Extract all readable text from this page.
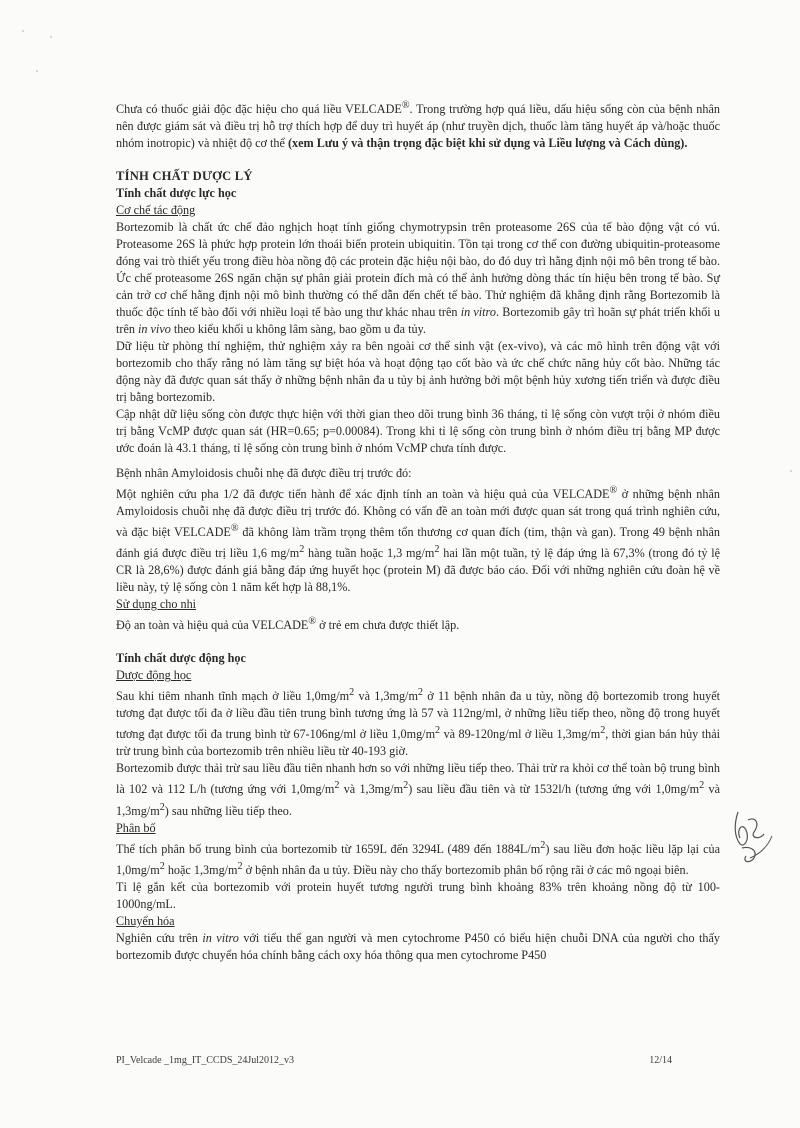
Chưa có thuốc giải độc đặc hiệu cho quá liều VELCADE®. Trong trường hợp quá liều, dấu hiệu sống còn của bệnh nhân nên được giám sát và điều trị hỗ trợ thích hợp để duy trì huyết áp (như truyền dịch, thuốc làm tăng huyết áp và/hoặc thuốc nhóm inotropic) và nhiệt độ cơ thể (xem Lưu ý và thận trọng đặc biệt khi sử dụng và Liều lượng và Cách dùng).

TÍNH CHẤT DƯỢC LÝ

Tính chất dược lực học

Cơ chế tác động

Bortezomib là chất ức chế đảo nghịch hoạt tính giống chymotrypsin trên proteasome 26S của tế bào động vật có vú. Proteasome 26S là phức hợp protein lớn thoái biến protein ubiquitin. Tồn tại trong cơ thể con đường ubiquitin-proteasome đóng vai trò thiết yếu trong điều hòa nồng độ các protein đặc hiệu nội bào, do đó duy trì hằng định nội mô bên trong tế bào. Ức chế proteasome 26S ngăn chặn sự phân giải protein đích mà có thể ảnh hưởng dòng thác tín hiệu bên trong tế bào. Sự cản trở cơ chế hằng định nội mô bình thường có thể dẫn đến chết tế bào. Thử nghiệm đã khẳng định rằng Bortezomib là thuốc độc tính tế bào đối với nhiều loại tế bào ung thư khác nhau trên in vitro. Bortezomib gây trì hoãn sự phát triển khối u trên in vivo theo kiểu khối u không lâm sàng, bao gồm u đa tủy.

Dữ liệu từ phòng thí nghiệm, thử nghiệm xảy ra bên ngoài cơ thể sinh vật (ex-vivo), và các mô hình trên động vật với bortezomib cho thấy rằng nó làm tăng sự biệt hóa và hoạt động tạo cốt bào và ức chế chức năng hủy cốt bào. Những tác động này đã được quan sát thấy ở những bệnh nhân đa u tủy bị ảnh hưởng bởi một bệnh hủy xương tiến triển và được điều trị bằng bortezomib.

Cập nhật dữ liệu sống còn được thực hiện với thời gian theo dõi trung bình 36 tháng, tỉ lệ sống còn vượt trội ở nhóm điều trị bằng VcMP được quan sát (HR=0.65; p=0.00084). Trong khi tỉ lệ sống còn trung bình ở nhóm điều trị bằng MP được ước đoán là 43.1 tháng, tỉ lệ sống còn trung bình ở nhóm VcMP chưa tính được.

Bệnh nhân Amyloidosis chuỗi nhẹ đã được điều trị trước đó:

Một nghiên cứu pha 1/2 đã được tiến hành để xác định tính an toàn và hiệu quả của VELCADE® ở những bệnh nhân Amyloidosis chuỗi nhẹ đã được điều trị trước đó. Không có vấn đề an toàn mới được quan sát trong quá trình nghiên cứu, và đặc biệt VELCADE® đã không làm trầm trọng thêm tổn thương cơ quan đích (tim, thận và gan). Trong 49 bệnh nhân đánh giá được điều trị liều 1,6 $mg/m^2$ hàng tuần hoặc 1,3 $mg/m^2$ hai lần một tuần, tỷ lệ đáp ứng là 67,3% (trong đó tỷ lệ CR là 28,6%) được đánh giá bằng đáp ứng huyết học (protein M) đã được báo cáo. Đối với những nghiên cứu đoàn hệ về liều này, tỷ lệ sống còn 1 năm kết hợp là 88,1%.

Sử dụng cho nhi

Độ an toàn và hiệu quả của VELCADE® ở trẻ em chưa được thiết lập.

Tính chất dược động học

Dược động học

Sau khi tiêm nhanh tĩnh mạch ở liều $1,0mg/m^2$ và $1,3mg/m^2$ ở 11 bệnh nhân đa u tủy, nồng độ bortezomib trong huyết tương đạt được tối đa ở liều đầu tiên trung bình tương ứng là 57 và 112ng/ml, ở những liều tiếp theo, nồng độ trong huyết tương đạt được tối đa trung bình từ 67-106ng/ml ở liều $1,0mg/m^2$ và 89-120ng/ml ở liều $1,3mg/m^2$, thời gian bán hủy thải trừ trung bình của bortezomib trên nhiều liều từ 40-193 giờ.

Bortezomib được thải trừ sau liều đầu tiên nhanh hơn so với những liều tiếp theo. Thải trừ ra khỏi cơ thể toàn bộ trung bình là 102 và 112 L/h (tương ứng với $1,0mg/m^2$ và $1,3mg/m^2$) sau liều đầu tiên và từ 1532l/h (tương ứng với $1,0mg/m^2$ và $1,3mg/m^2$) sau những liều tiếp theo.

Phân bố

Thể tích phân bố trung bình của bortezomib từ 1659L đến 3294L (489 đến $1884L/m^2$) sau liều đơn hoặc liều lặp lại của $1,0mg/m^2$ hoặc $1,3mg/m^2$ ở bệnh nhân đa u tủy. Điều này cho thấy bortezomib phân bố rộng rãi ở các mô ngoại biên.

Tỉ lệ gắn kết của bortezomib với protein huyết tương người trung bình khoảng 83% trên khoảng nồng độ từ 100-1000ng/mL.

Chuyển hóa

Nghiên cứu trên in vitro với tiểu thể gan người và men cytochrome P450 có biểu hiện chuỗi DNA của người cho thấy bortezomib được chuyển hóa chính bằng cách oxy hóa thông qua men cytochrome P450

PI_Velcade _1mg_IT_CCDS_24Jul2012_v3	12/14
